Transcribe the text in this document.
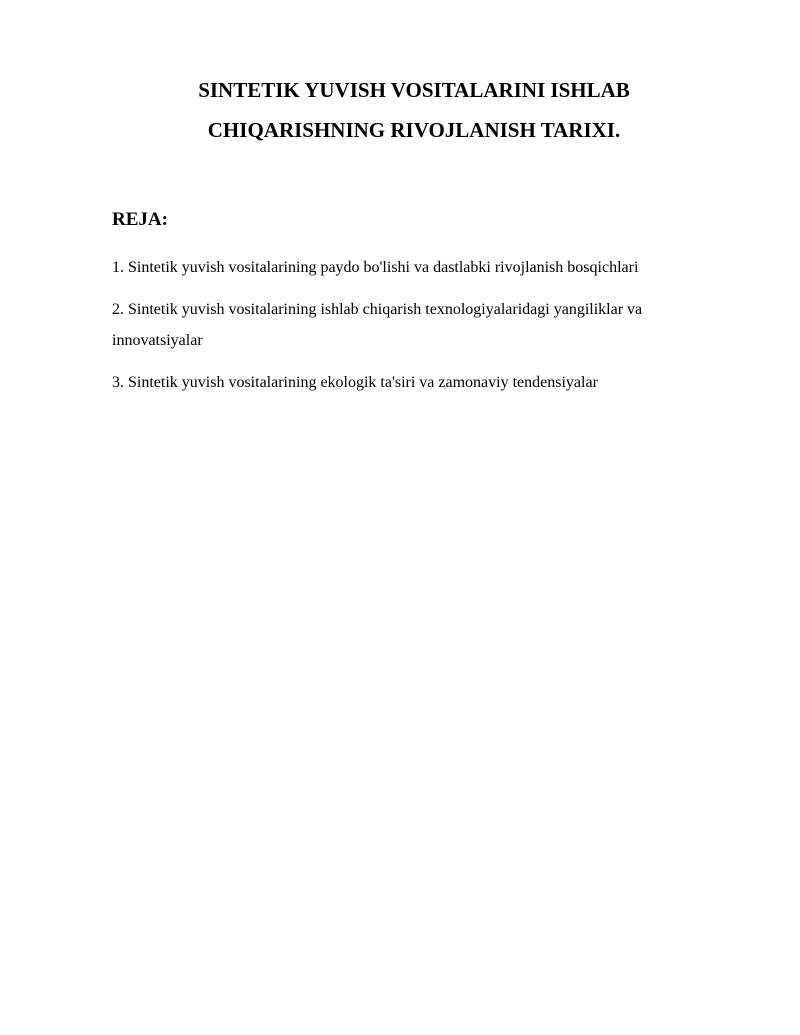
SINTETIK YUVISH VOSITALARINI ISHLAB
CHIQARISHNING RIVOJLANISH TARIXI.
REJA:
1. Sintetik yuvish vositalarining paydo bo'lishi va dastlabki rivojlanish bosqichlari
2. Sintetik yuvish vositalarining ishlab chiqarish texnologiyalaridagi yangiliklar va innovatsiyalar
3. Sintetik yuvish vositalarining ekologik ta'siri va zamonaviy tendensiyalar
